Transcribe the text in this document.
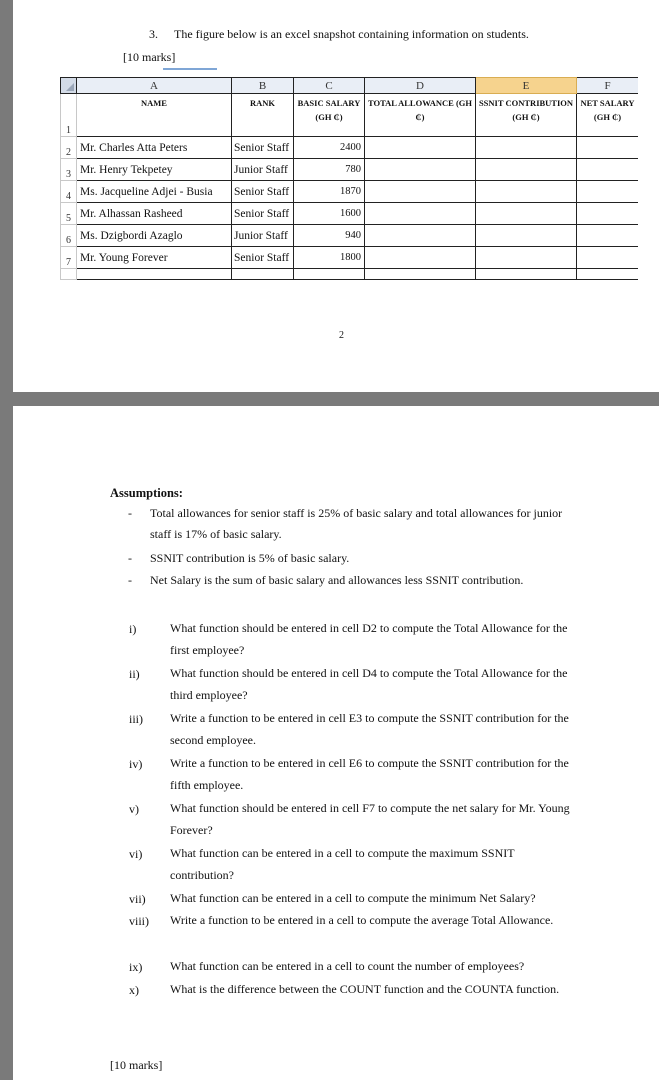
3. The figure below is an excel snapshot containing information on students.
[10 marks]
	A	B	C	D	E	F
1	NAME	RANK	BASIC SALARY (GH ₵)	TOTAL ALLOWANCE (GH ₵)	SSNIT CONTRIBUTION (GH ₵)	NET SALARY (GH ₵)
2	Mr. Charles Atta Peters	Senior Staff	2400			
3	Mr. Henry Tekpetey	Junior Staff	780			
4	Ms. Jacqueline Adjei - Busia	Senior Staff	1870			
5	Mr. Alhassan Rasheed	Senior Staff	1600			
6	Ms. Dzigbordi Azaglo	Junior Staff	940			
7	Mr. Young Forever	Senior Staff	1800			

2
Assumptions:
- Total allowances for senior staff is 25% of basic salary and total allowances for junior staff is 17% of basic salary.
- SSNIT contribution is 5% of basic salary.
- Net Salary is the sum of basic salary and allowances less SSNIT contribution.
i)	What function should be entered in cell D2 to compute the Total Allowance for the first employee?
ii)	What function should be entered in cell D4 to compute the Total Allowance for the third employee?
iii) Write a function to be entered in cell E3 to compute the SSNIT contribution for the second employee.
iv) Write a function to be entered in cell E6 to compute the SSNIT contribution for the fifth employee.
v)	What function should be entered in cell F7 to compute the net salary for Mr. Young Forever?
vi) What function can be entered in a cell to compute the maximum SSNIT contribution?
vii) What function can be entered in a cell to compute the minimum Net Salary?
viii) Write a function to be entered in a cell to compute the average Total Allowance.
ix) What function can be entered in a cell to count the number of employees?
x)	What is the difference between the COUNT function and the COUNTA function.
[10 marks]
